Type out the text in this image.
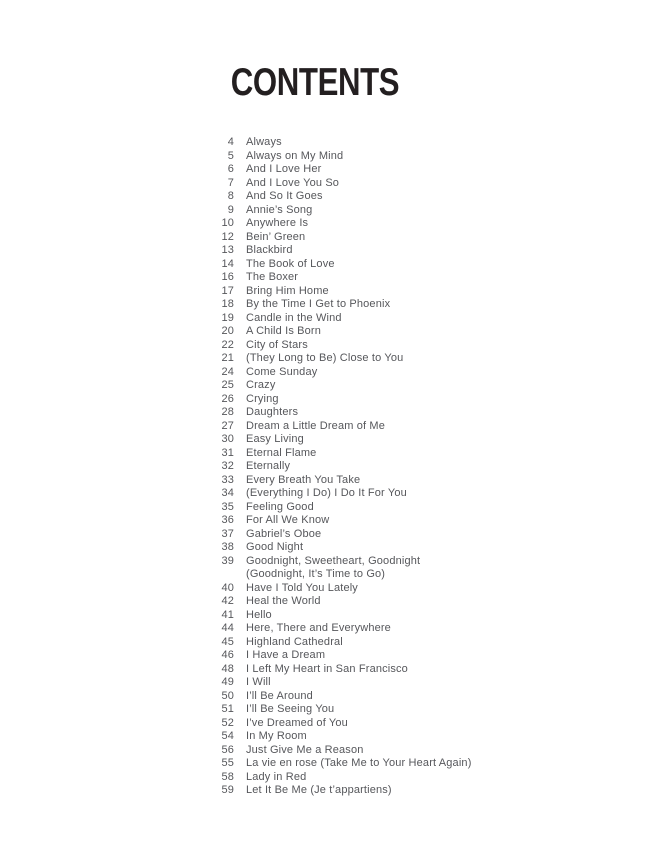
CONTENTS
4 Always
5 Always on My Mind
6 And I Love Her
7 And I Love You So
8 And So It Goes
9 Annie’s Song
10 Anywhere Is
12 Bein’ Green
13 Blackbird
14 The Book of Love
16 The Boxer
17 Bring Him Home
18 By the Time I Get to Phoenix
19 Candle in the Wind
20 A Child Is Born
22 City of Stars
21 (They Long to Be) Close to You
24 Come Sunday
25 Crazy
26 Crying
28 Daughters
27 Dream a Little Dream of Me
30 Easy Living
31 Eternal Flame
32 Eternally
33 Every Breath You Take
34 (Everything I Do) I Do It For You
35 Feeling Good
36 For All We Know
37 Gabriel’s Oboe
38 Good Night
39 Goodnight, Sweetheart, Goodnight
(Goodnight, It’s Time to Go)
40 Have I Told You Lately
42 Heal the World
41 Hello
44 Here, There and Everywhere
45 Highland Cathedral
46 I Have a Dream
48 I Left My Heart in San Francisco
49 I Will
50 I’ll Be Around
51 I’ll Be Seeing You
52 I’ve Dreamed of You
54 In My Room
56 Just Give Me a Reason
55 La vie en rose (Take Me to Your Heart Again)
58 Lady in Red
59 Let It Be Me (Je t’appartiens)
